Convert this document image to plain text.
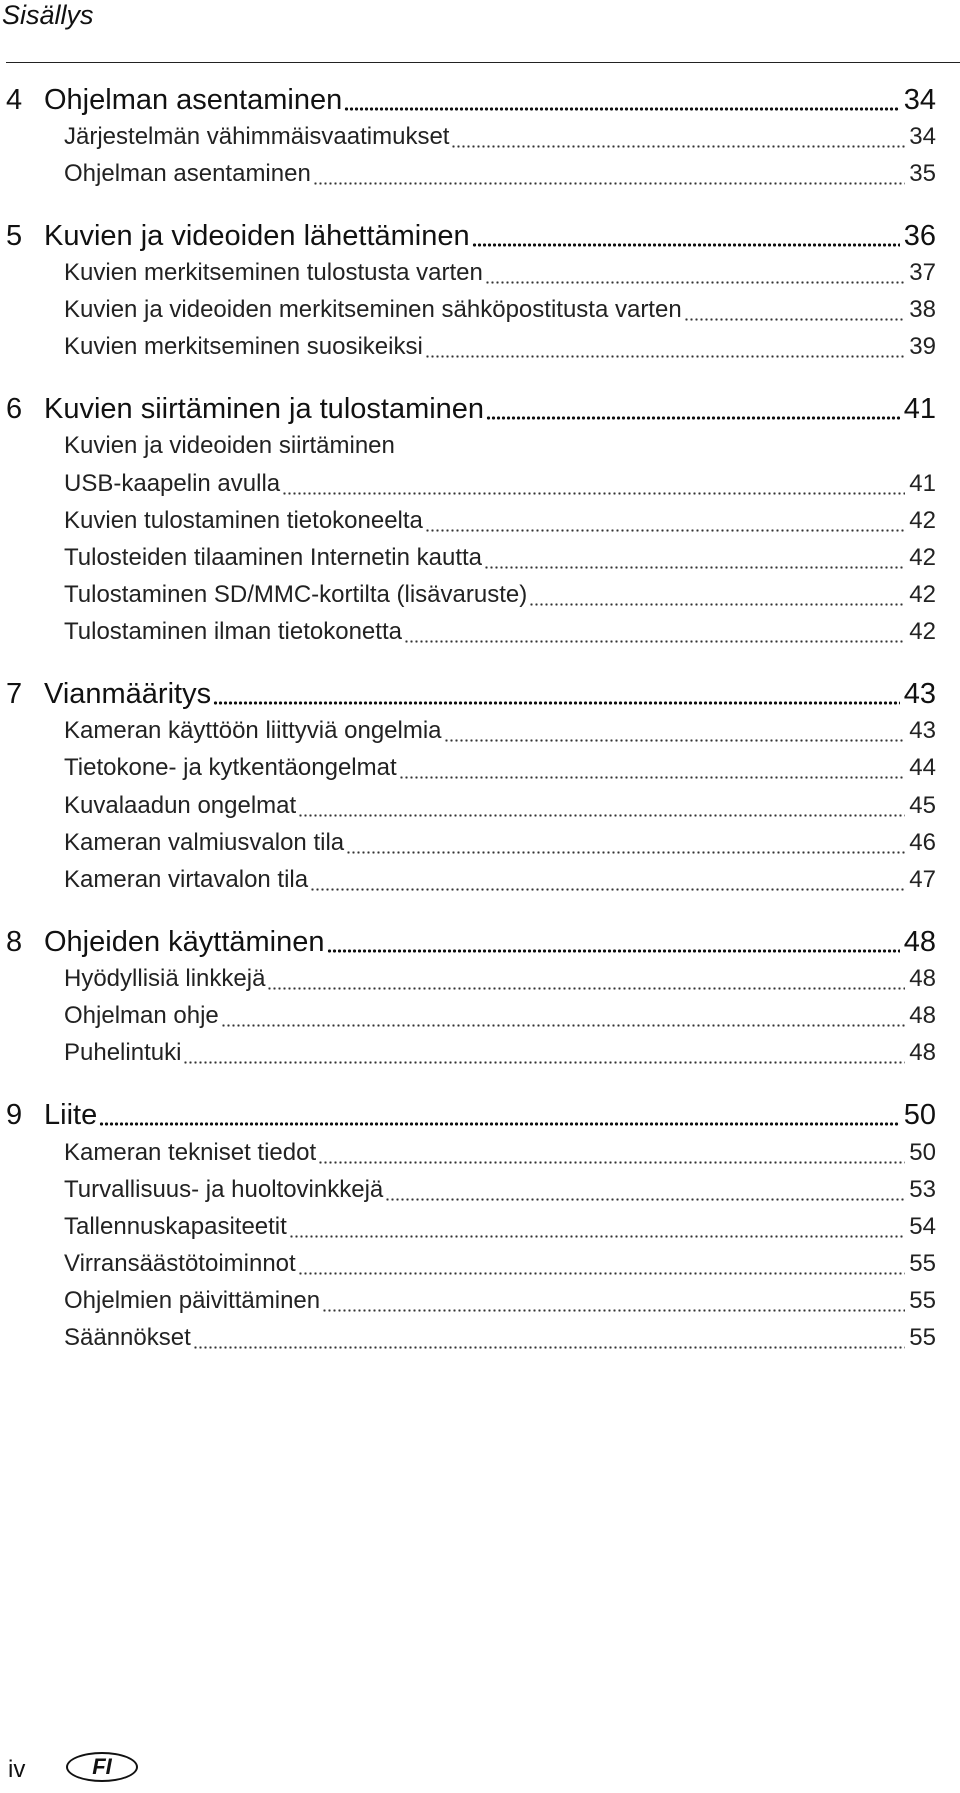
Sisällys
4 Ohjelman asentaminen	34
Järjestelmän vähimmäisvaatimukset	34
Ohjelman asentaminen	35
5 Kuvien ja videoiden lähettäminen	36
Kuvien merkitseminen tulostusta varten	37
Kuvien ja videoiden merkitseminen sähköpostitusta varten	38
Kuvien merkitseminen suosikeiksi	39
6 Kuvien siirtäminen ja tulostaminen	41
Kuvien ja videoiden siirtäminen
USB-kaapelin avulla	41
Kuvien tulostaminen tietokoneelta	42
Tulosteiden tilaaminen Internetin kautta	42
Tulostaminen SD/MMC-kortilta (lisävaruste)	42
Tulostaminen ilman tietokonetta	42
7 Vianmääritys	43
Kameran käyttöön liittyviä ongelmia	43
Tietokone- ja kytkentäongelmat	44
Kuvalaadun ongelmat	45
Kameran valmiusvalon tila	46
Kameran virtavalon tila	47
8 Ohjeiden käyttäminen	48
Hyödyllisiä linkkejä	48
Ohjelman ohje	48
Puhelintuki	48
9 Liite	50
Kameran tekniset tiedot	50
Turvallisuus- ja huoltovinkkejä	53
Tallennuskapasiteetit	54
Virransäästötoiminnot	55
Ohjelmien päivittäminen	55
Säännökset	55
iv	FI
